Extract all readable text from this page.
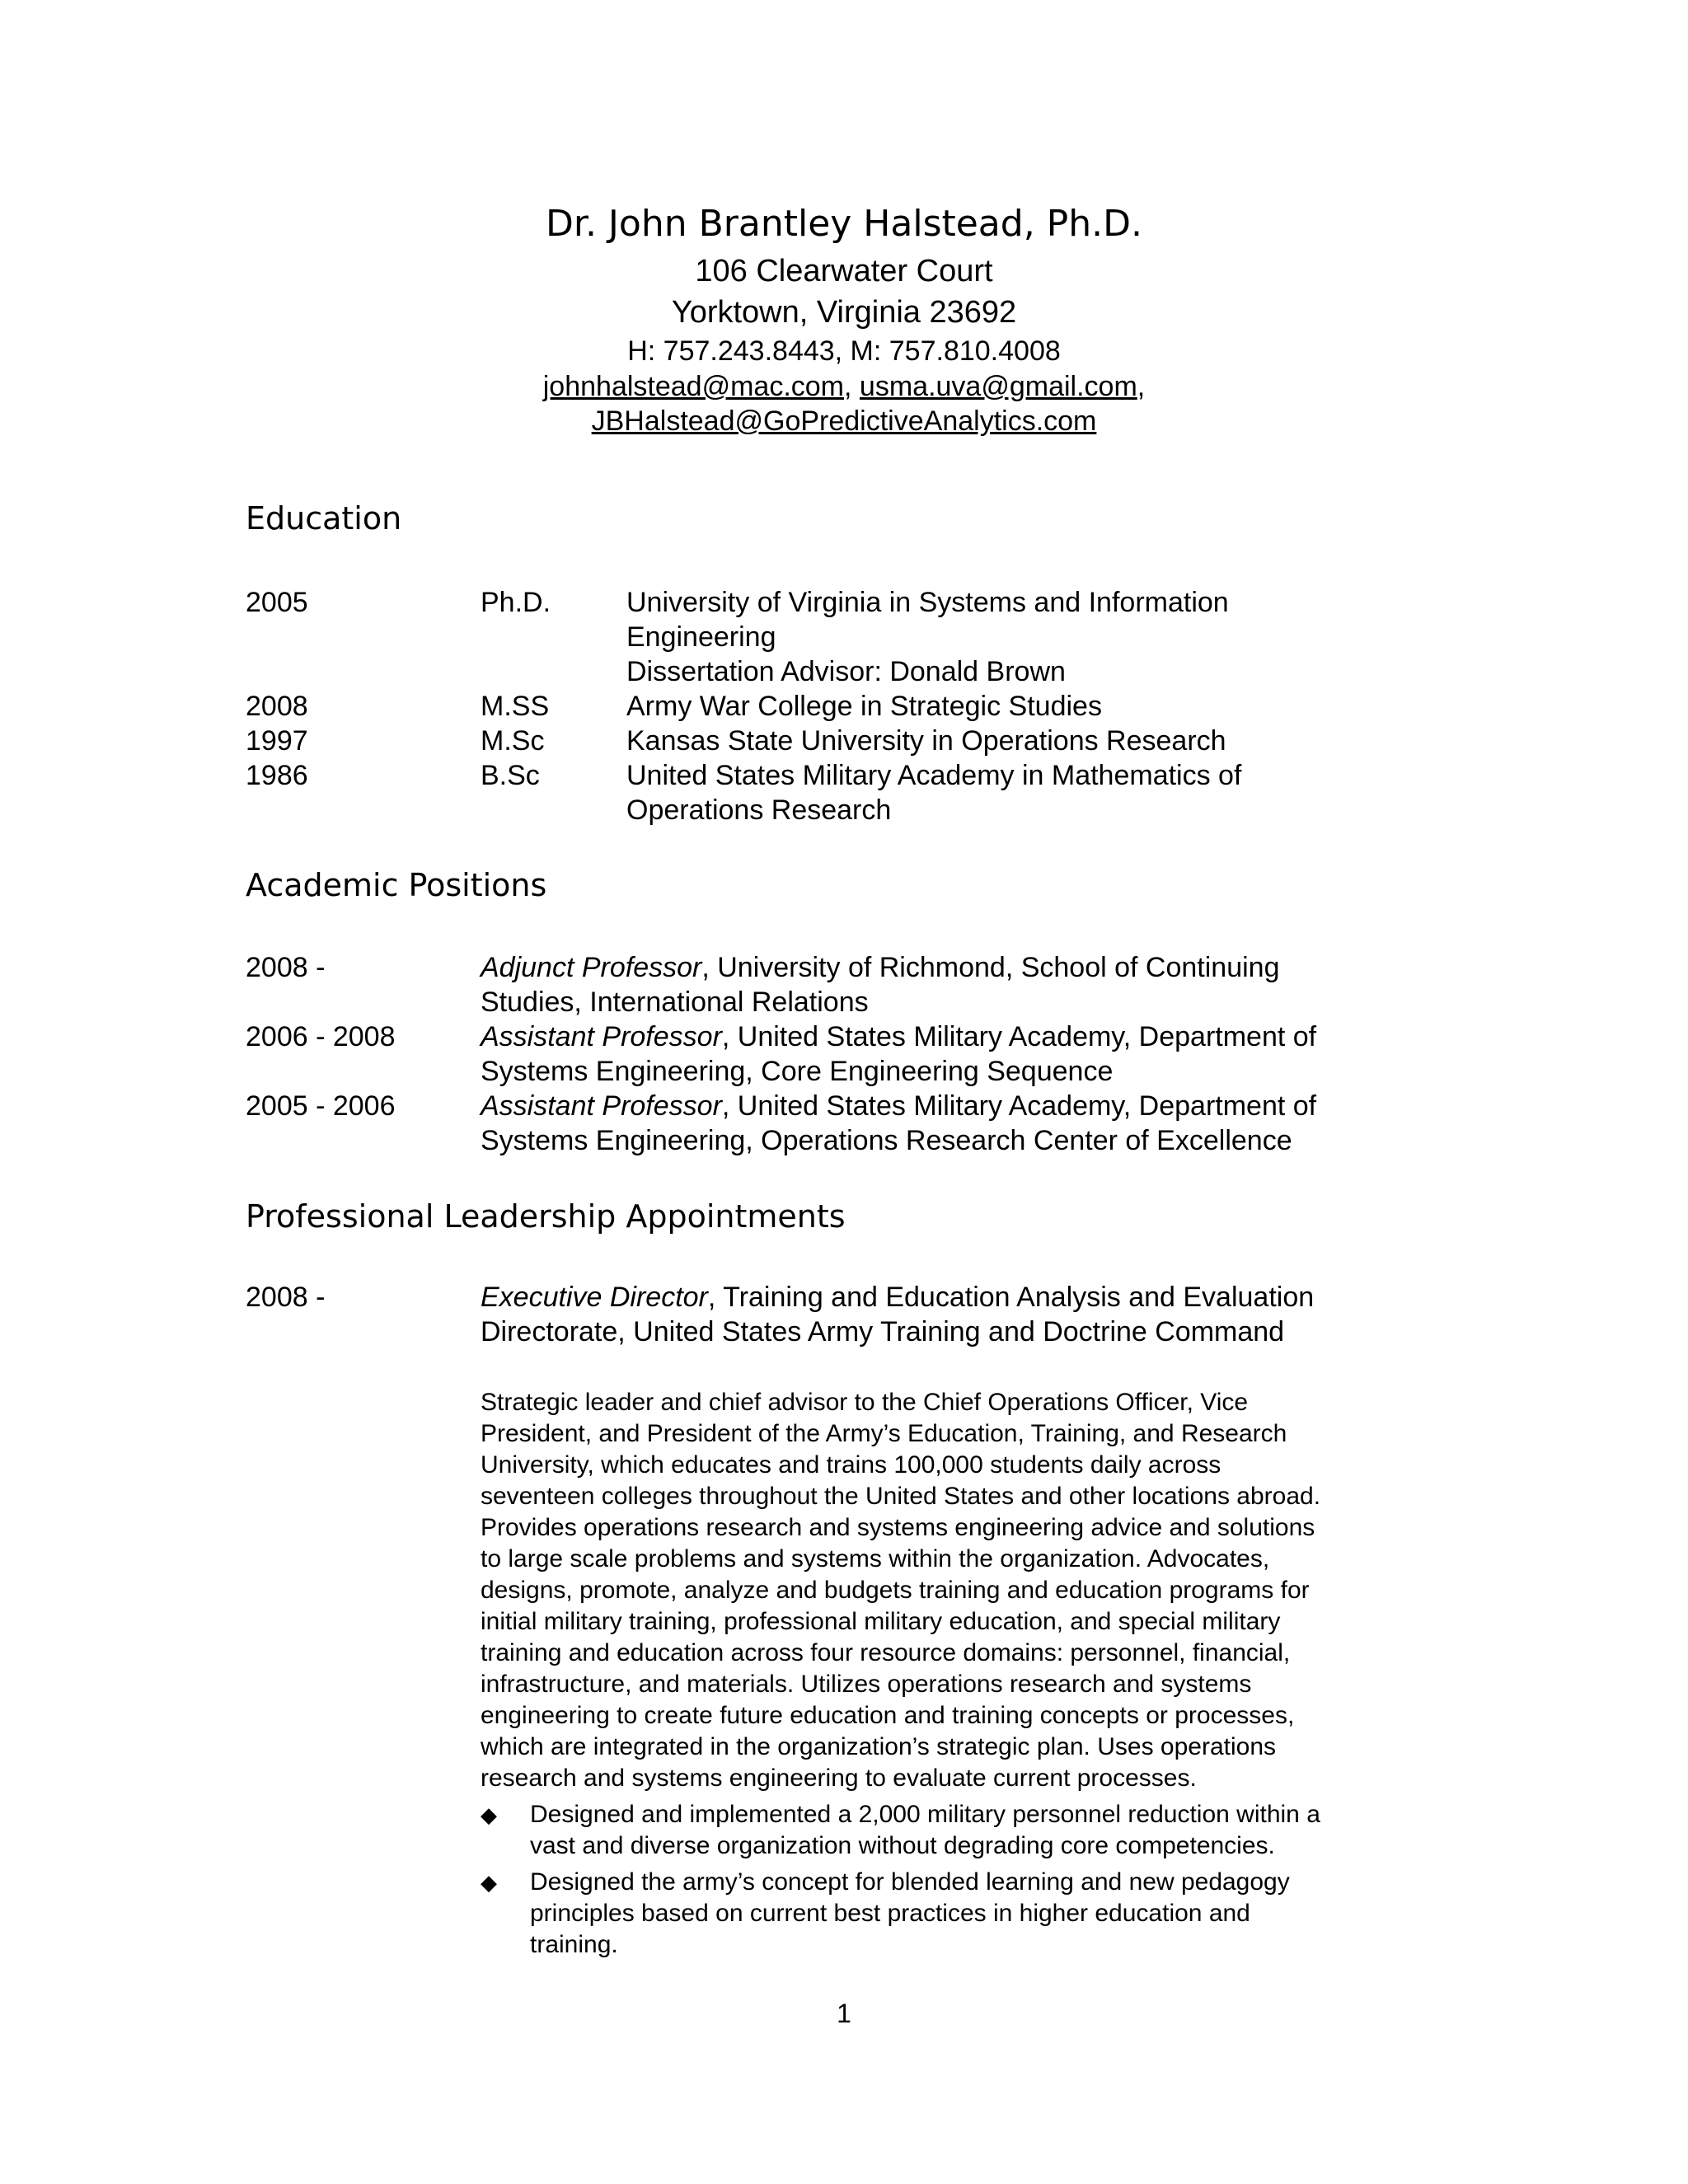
Dr. John Brantley Halstead, Ph.D.
106 Clearwater Court
Yorktown, Virginia 23692
H: 757.243.8443, M: 757.810.4008
johnhalstead@mac.com, usma.uva@gmail.com,
JBHalstead@GoPredictiveAnalytics.com
Education
2005	Ph.D.	University of Virginia in Systems and Information
Engineering
Dissertation Advisor: Donald Brown
2008	M.SS	Army War College in Strategic Studies
1997	M.Sc	Kansas State University in Operations Research
1986	B.Sc	United States Military Academy in Mathematics of
Operations Research
Academic Positions
2008 -	Adjunct Professor, University of Richmond, School of Continuing
Studies, International Relations
2006 - 2008	Assistant Professor, United States Military Academy, Department of
Systems Engineering, Core Engineering Sequence
2005 - 2006	Assistant Professor, United States Military Academy, Department of
Systems Engineering, Operations Research Center of Excellence
Professional Leadership Appointments
2008 -	Executive Director, Training and Education Analysis and Evaluation
Directorate, United States Army Training and Doctrine Command
Strategic leader and chief advisor to the Chief Operations Officer, Vice
President, and President of the Army’s Education, Training, and Research
University, which educates and trains 100,000 students daily across
seventeen colleges throughout the United States and other locations abroad.
Provides operations research and systems engineering advice and solutions
to large scale problems and systems within the organization. Advocates,
designs, promote, analyze and budgets training and education programs for
initial military training, professional military education, and special military
training and education across four resource domains: personnel, financial,
infrastructure, and materials. Utilizes operations research and systems
engineering to create future education and training concepts or processes,
which are integrated in the organization’s strategic plan. Uses operations
research and systems engineering to evaluate current processes.
◆ Designed and implemented a 2,000 military personnel reduction within a
vast and diverse organization without degrading core competencies.
◆ Designed the army’s concept for blended learning and new pedagogy
principles based on current best practices in higher education and
training.
1
